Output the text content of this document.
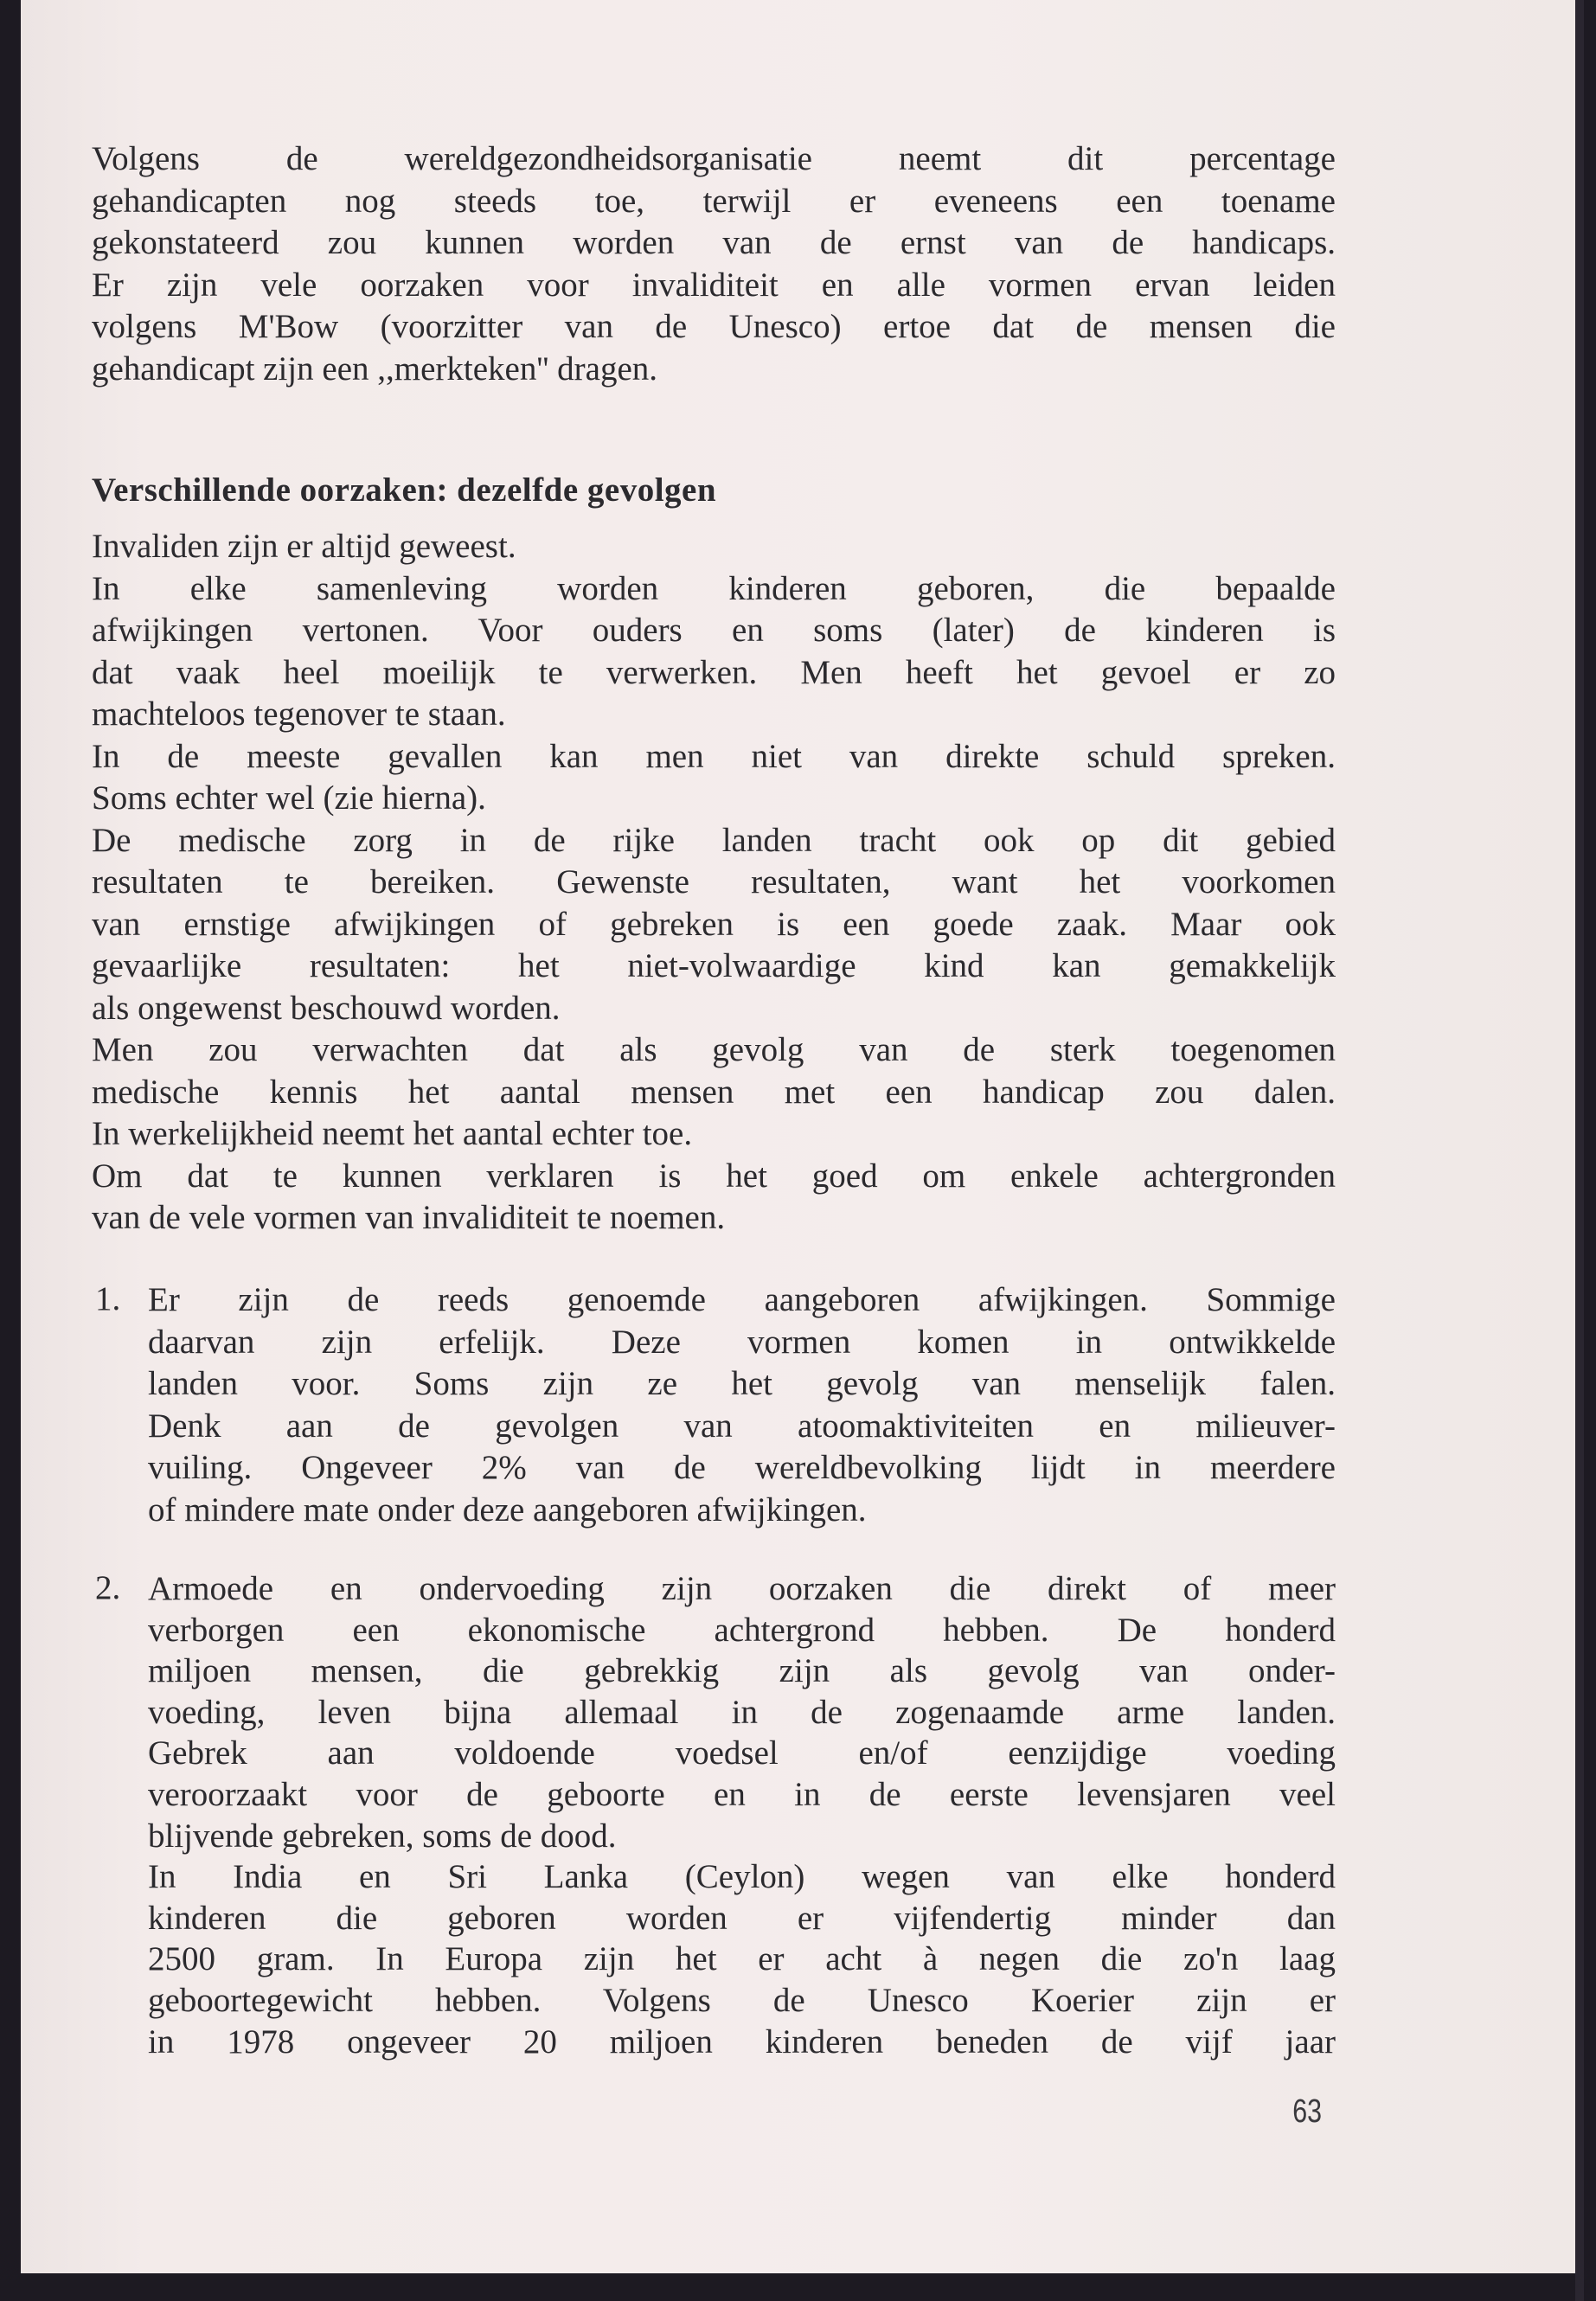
Volgens de wereldgezondheidsorganisatie neemt dit percentage
gehandicapten nog steeds toe, terwijl er eveneens een toename
gekonstateerd zou kunnen worden van de ernst van de handicaps.
Er zijn vele oorzaken voor invaliditeit en alle vormen ervan leiden
volgens M'Bow (voorzitter van de Unesco) ertoe dat de mensen die
gehandicapt zijn een ,,merkteken'' dragen.
Verschillende oorzaken: dezelfde gevolgen
Invaliden zijn er altijd geweest.
In elke samenleving worden kinderen geboren, die bepaalde
afwijkingen vertonen. Voor ouders en soms (later) de kinderen is
dat vaak heel moeilijk te verwerken. Men heeft het gevoel er zo
machteloos tegenover te staan.
In de meeste gevallen kan men niet van direkte schuld spreken.
Soms echter wel (zie hierna).
De medische zorg in de rijke landen tracht ook op dit gebied
resultaten te bereiken. Gewenste resultaten, want het voorkomen
van ernstige afwijkingen of gebreken is een goede zaak. Maar ook
gevaarlijke resultaten: het niet-volwaardige kind kan gemakkelijk
als ongewenst beschouwd worden.
Men zou verwachten dat als gevolg van de sterk toegenomen
medische kennis het aantal mensen met een handicap zou dalen.
In werkelijkheid neemt het aantal echter toe.
Om dat te kunnen verklaren is het goed om enkele achtergronden
van de vele vormen van invaliditeit te noemen.
1. Er zijn de reeds genoemde aangeboren afwijkingen. Sommige
daarvan zijn erfelijk. Deze vormen komen in ontwikkelde
landen voor. Soms zijn ze het gevolg van menselijk falen.
Denk aan de gevolgen van atoomaktiviteiten en milieuver-
vuiling. Ongeveer 2% van de wereldbevolking lijdt in meerdere
of mindere mate onder deze aangeboren afwijkingen.
2. Armoede en ondervoeding zijn oorzaken die direkt of meer
verborgen een ekonomische achtergrond hebben. De honderd
miljoen mensen, die gebrekkig zijn als gevolg van onder-
voeding, leven bijna allemaal in de zogenaamde arme landen.
Gebrek aan voldoende voedsel en/of eenzijdige voeding
veroorzaakt voor de geboorte en in de eerste levensjaren veel
blijvende gebreken, soms de dood.
In India en Sri Lanka (Ceylon) wegen van elke honderd
kinderen die geboren worden er vijfendertig minder dan
2500 gram. In Europa zijn het er acht à negen die zo'n laag
geboortegewicht hebben. Volgens de Unesco Koerier zijn er
in 1978 ongeveer 20 miljoen kinderen beneden de vijf jaar
63
